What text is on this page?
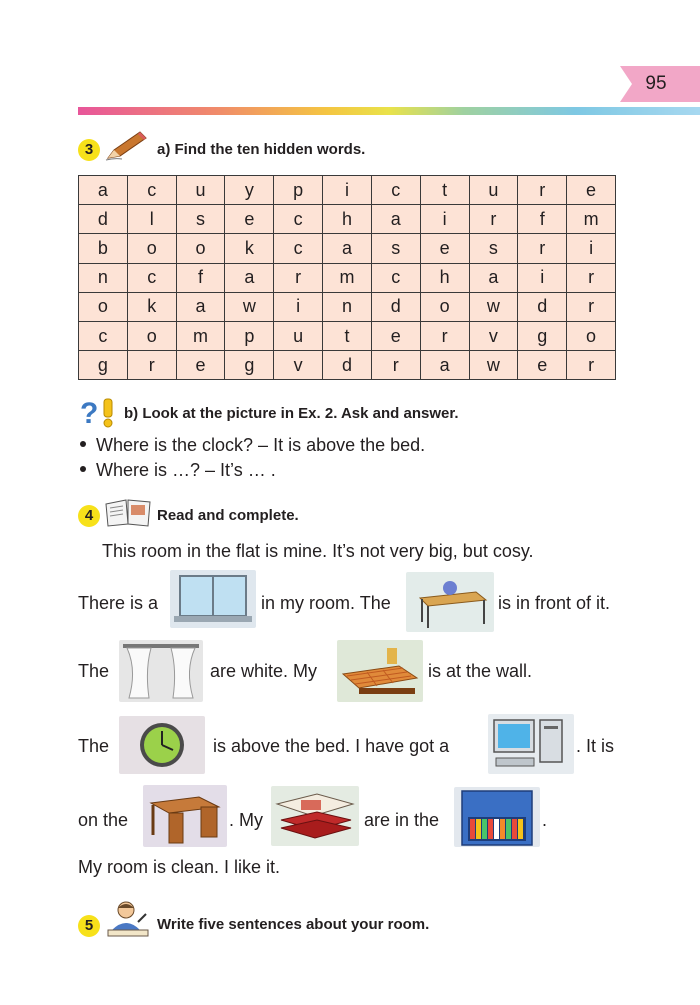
95
3	a) Find the ten hidden words.
a	c	u	y	p	i	c	t	u	r	e
d	l	s	e	c	h	a	i	r	f	m
b	o	o	k	c	a	s	e	s	r	i
n	c	f	a	r	m	c	h	a	i	r
o	k	a	w	i	n	d	o	w	d	r
c	o	m	p	u	t	e	r	v	g	o
g	r	e	g	v	d	r	a	w	e	r
? b) Look at the picture in Ex. 2. Ask and answer.
Where is the clock? – It is above the bed.
Where is …? – It’s … .
4	Read and complete.
This room in the flat is mine. It’s not very big, but cosy.
There is a	in my room. The	is in front of it.
The	are white. My	is at the wall.
The	is above the bed. I have got a	. It is
on the	. My	are in the	.
My room is clean. I like it.
5	Write five sentences about your room.
